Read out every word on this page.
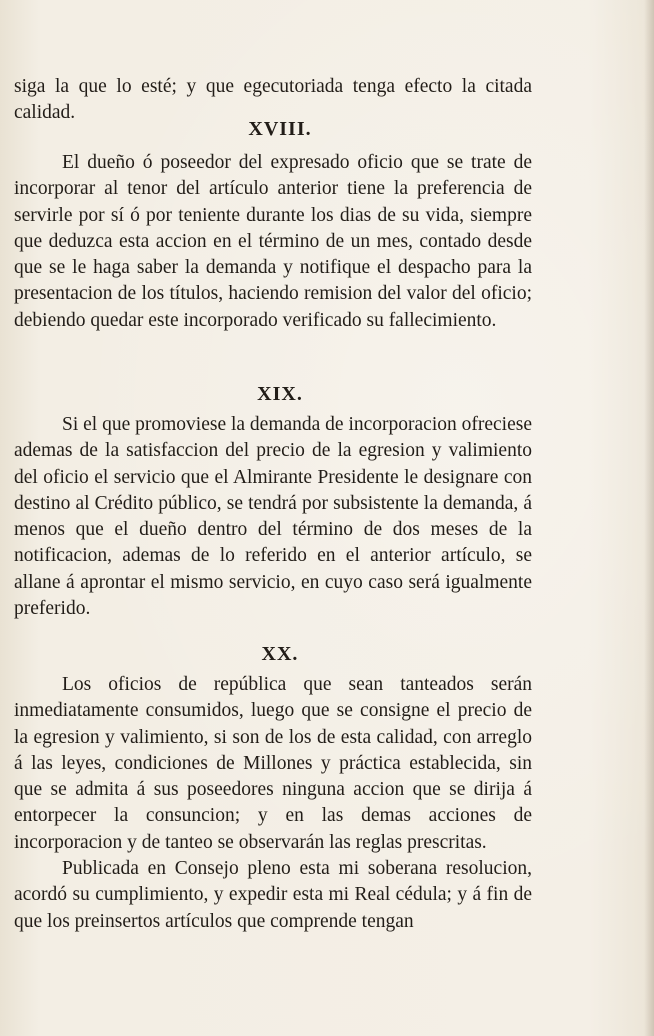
siga la que lo esté; y que egecutoriada tenga efecto la citada calidad.

XVIII.

El dueño ó poseedor del expresado oficio que se trate de incorporar al tenor del artículo anterior tiene la preferencia de servirle por sí ó por teniente durante los dias de su vida, siempre que deduzca esta accion en el término de un mes, contado desde que se le haga saber la demanda y notifique el despacho para la presentacion de los títulos, haciendo remision del valor del oficio; debiendo quedar este incorporado verificado su fallecimiento.

XIX.

Si el que promoviese la demanda de incorporacion ofreciese ademas de la satisfaccion del precio de la egresion y valimiento del oficio el servicio que el Almirante Presidente le designare con destino al Crédito público, se tendrá por subsistente la demanda, á menos que el dueño dentro del término de dos meses de la notificacion, ademas de lo referido en el anterior artículo, se allane á aprontar el mismo servicio, en cuyo caso será igualmente preferido.

XX.

Los oficios de república que sean tanteados serán inmediatamente consumidos, luego que se consigne el precio de la egresion y valimiento, si son de los de esta calidad, con arreglo á las leyes, condiciones de Millones y práctica establecida, sin que se admita á sus poseedores ninguna accion que se dirija á entorpecer la consuncion; y en las demas acciones de incorporacion y de tanteo se observarán las reglas prescritas.

Publicada en Consejo pleno esta mi soberana resolucion, acordó su cumplimiento, y expedir esta mi Real cédula; y á fin de que los preinsertos artículos que comprende tengan
